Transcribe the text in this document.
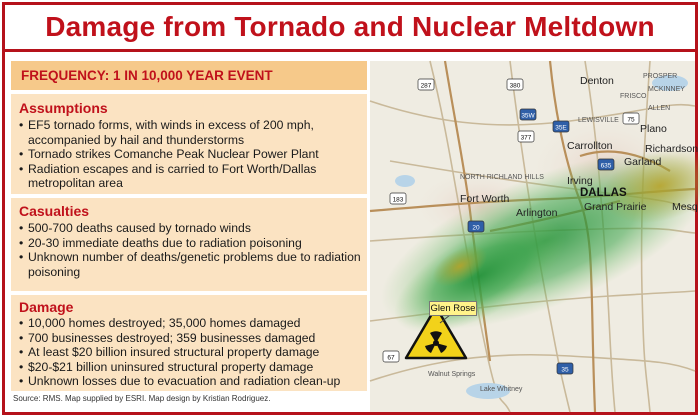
Damage from Tornado and Nuclear Meltdown
FREQUENCY: 1 IN 10,000 YEAR EVENT
Assumptions
• EF5 tornado forms, with winds in excess of 200 mph, accompanied by hail and thunderstorms
• Tornado strikes Comanche Peak Nuclear Power Plant
• Radiation escapes and is carried to Fort Worth/Dallas metropolitan area
Casualties
• 500-700 deaths caused by tornado winds
• 20-30 immediate deaths due to radiation poisoning
• Unknown number of deaths/genetic problems due to radiation poisoning
Damage
• 10,000 homes destroyed; 35,000 homes damaged
• 700 businesses destroyed; 359 businesses damaged
• At least $20 billion insured structural property damage
• $20-$21 billion uninsured structural property damage
• Unknown losses due to evacuation and radiation clean-up
Source: RMS. Map supplied by ESRI. Map design by Kristian Rodriguez.
287	380
35W
377
35E
75
635
183
20
67
35
Denton	PROSPER
MCKINNEY
FRISCO
ALLEN
LEWISVILLE
Plano
Carrollton	Richardson
Garland
NORTH RICHLAND HILLS Irving
DALLAS
Fort Worth
Grand Prairie
Arlington	Mesq
Glen Rose
Walnut Springs
Lake Whitney
